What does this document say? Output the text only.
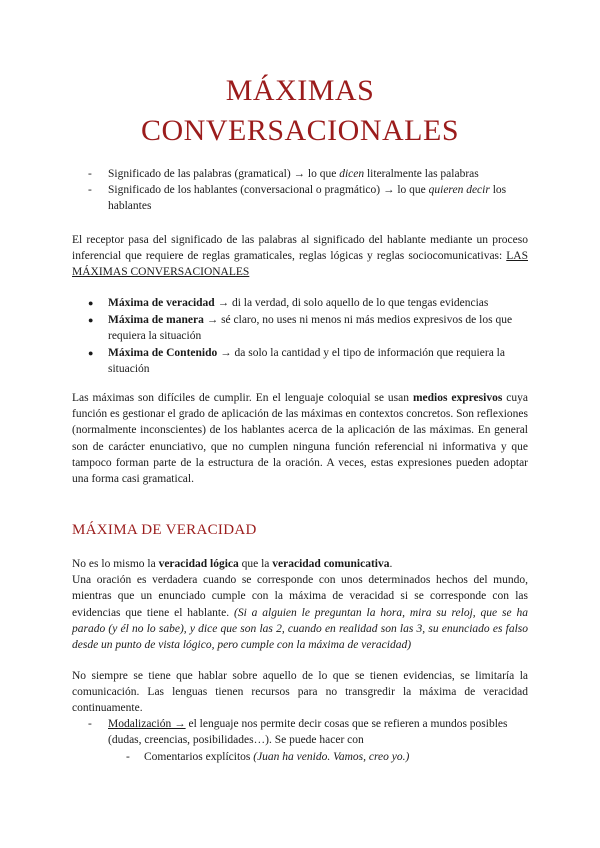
MÁXIMAS
CONVERSACIONALES
- Significado de las palabras (gramatical) → lo que dicen literalmente las palabras
- Significado de los hablantes (conversacional o pragmático) → lo que quieren decir los hablantes

El receptor pasa del significado de las palabras al significado del hablante mediante un proceso inferencial que requiere de reglas gramaticales, reglas lógicas y reglas sociocomunicativas: LAS MÁXIMAS CONVERSACIONALES

● Máxima de veracidad → di la verdad, di solo aquello de lo que tengas evidencias
● Máxima de manera → sé claro, no uses ni menos ni más medios expresivos de los que requiera la situación
● Máxima de Contenido → da solo la cantidad y el tipo de información que requiera la situación

Las máximas son difíciles de cumplir. En el lenguaje coloquial se usan medios expresivos cuya función es gestionar el grado de aplicación de las máximas en contextos concretos. Son reflexiones (normalmente inconscientes) de los hablantes acerca de la aplicación de las máximas. En general son de carácter enunciativo, que no cumplen ninguna función referencial ni informativa y que tampoco forman parte de la estructura de la oración. A veces, estas expresiones pueden adoptar una forma casi gramatical.

MÁXIMA DE VERACIDAD

No es lo mismo la veracidad lógica que la veracidad comunicativa.
Una oración es verdadera cuando se corresponde con unos determinados hechos del mundo, mientras que un enunciado cumple con la máxima de veracidad si se corresponde con las evidencias que tiene el hablante. (Si a alguien le preguntan la hora, mira su reloj, que se ha parado (y él no lo sabe), y dice que son las 2, cuando en realidad son las 3, su enunciado es falso desde un punto de vista lógico, pero cumple con la máxima de veracidad)

No siempre se tiene que hablar sobre aquello de lo que se tienen evidencias, se limitaría la comunicación. Las lenguas tienen recursos para no transgredir la máxima de veracidad continuamente.

- Modalización → el lenguaje nos permite decir cosas que se refieren a mundos posibles (dudas, creencias, posibilidades…). Se puede hacer con
- Comentarios explícitos (Juan ha venido. Vamos, creo yo.)
